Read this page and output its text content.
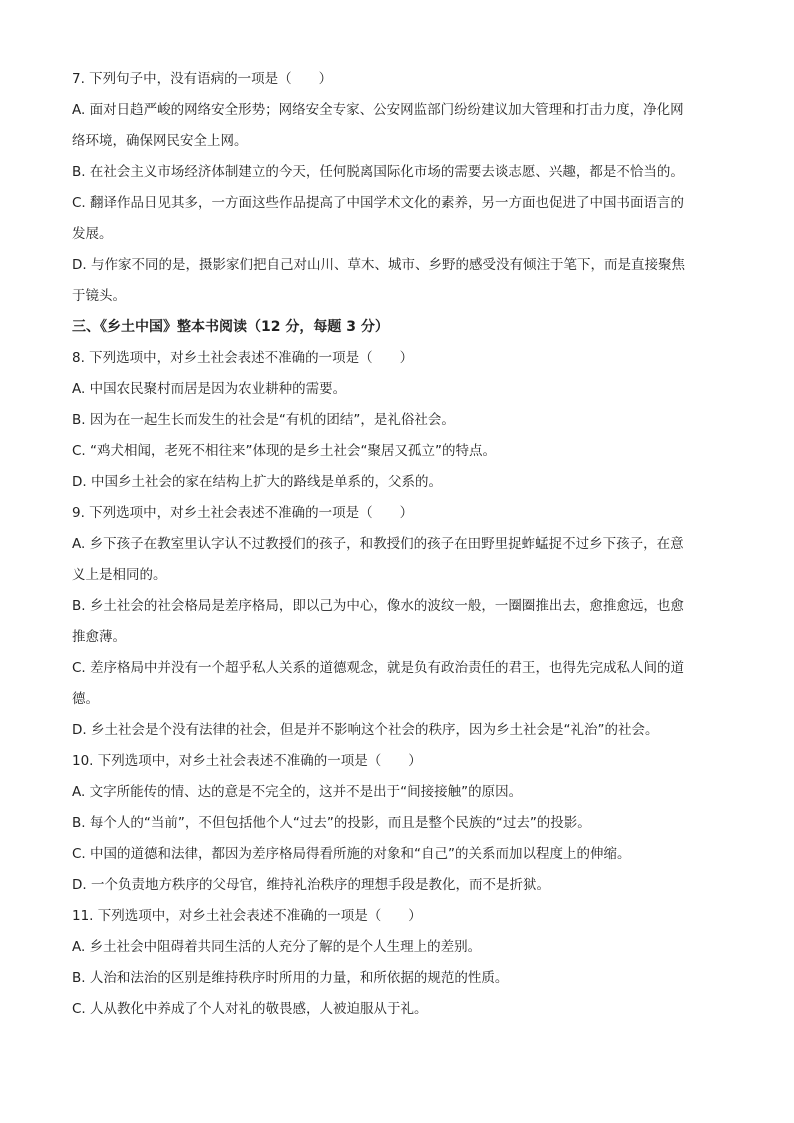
7. 下列句子中，没有语病的一项是（　　）
A. 面对日趋严峻的网络安全形势；网络安全专家、公安网监部门纷纷建议加大管理和打击力度，净化网
络环境，确保网民安全上网。
B. 在社会主义市场经济体制建立的今天，任何脱离国际化市场的需要去谈志愿、兴趣，都是不恰当的。
C. 翻译作品日见其多，一方面这些作品提高了中国学术文化的素养，另一方面也促进了中国书面语言的
发展。
D. 与作家不同的是，摄影家们把自己对山川、草木、城市、乡野的感受没有倾注于笔下，而是直接聚焦
于镜头。
三、《乡土中国》整本书阅读（12 分，每题 3 分）
8. 下列选项中，对乡土社会表述不准确的一项是（　　）
A. 中国农民聚村而居是因为农业耕种的需要。
B. 因为在一起生长而发生的社会是“有机的团结”，是礼俗社会。
C. “鸡犬相闻，老死不相往来”体现的是乡土社会“聚居又孤立”的特点。
D. 中国乡土社会的家在结构上扩大的路线是单系的，父系的。
9. 下列选项中，对乡土社会表述不准确的一项是（　　）
A. 乡下孩子在教室里认字认不过教授们的孩子，和教授们的孩子在田野里捉蚱蜢捉不过乡下孩子，在意
义上是相同的。
B. 乡土社会的社会格局是差序格局，即以己为中心，像水的波纹一般，一圈圈推出去，愈推愈远，也愈
推愈薄。
C. 差序格局中并没有一个超乎私人关系的道德观念，就是负有政治责任的君王，也得先完成私人间的道
德。
D. 乡土社会是个没有法律的社会，但是并不影响这个社会的秩序，因为乡土社会是“礼治”的社会。
10. 下列选项中，对乡土社会表述不准确的一项是（　　）
A. 文字所能传的情、达的意是不完全的，这并不是出于“间接接触”的原因。
B. 每个人的“当前”，不但包括他个人“过去”的投影，而且是整个民族的“过去”的投影。
C. 中国的道德和法律，都因为差序格局得看所施的对象和“自己”的关系而加以程度上的伸缩。
D. 一个负责地方秩序的父母官，维持礼治秩序的理想手段是教化，而不是折狱。
11. 下列选项中，对乡土社会表述不准确的一项是（　　）
A. 乡土社会中阻碍着共同生活的人充分了解的是个人生理上的差别。
B. 人治和法治的区别是维持秩序时所用的力量，和所依据的规范的性质。
C. 人从教化中养成了个人对礼的敬畏感，人被迫服从于礼。
